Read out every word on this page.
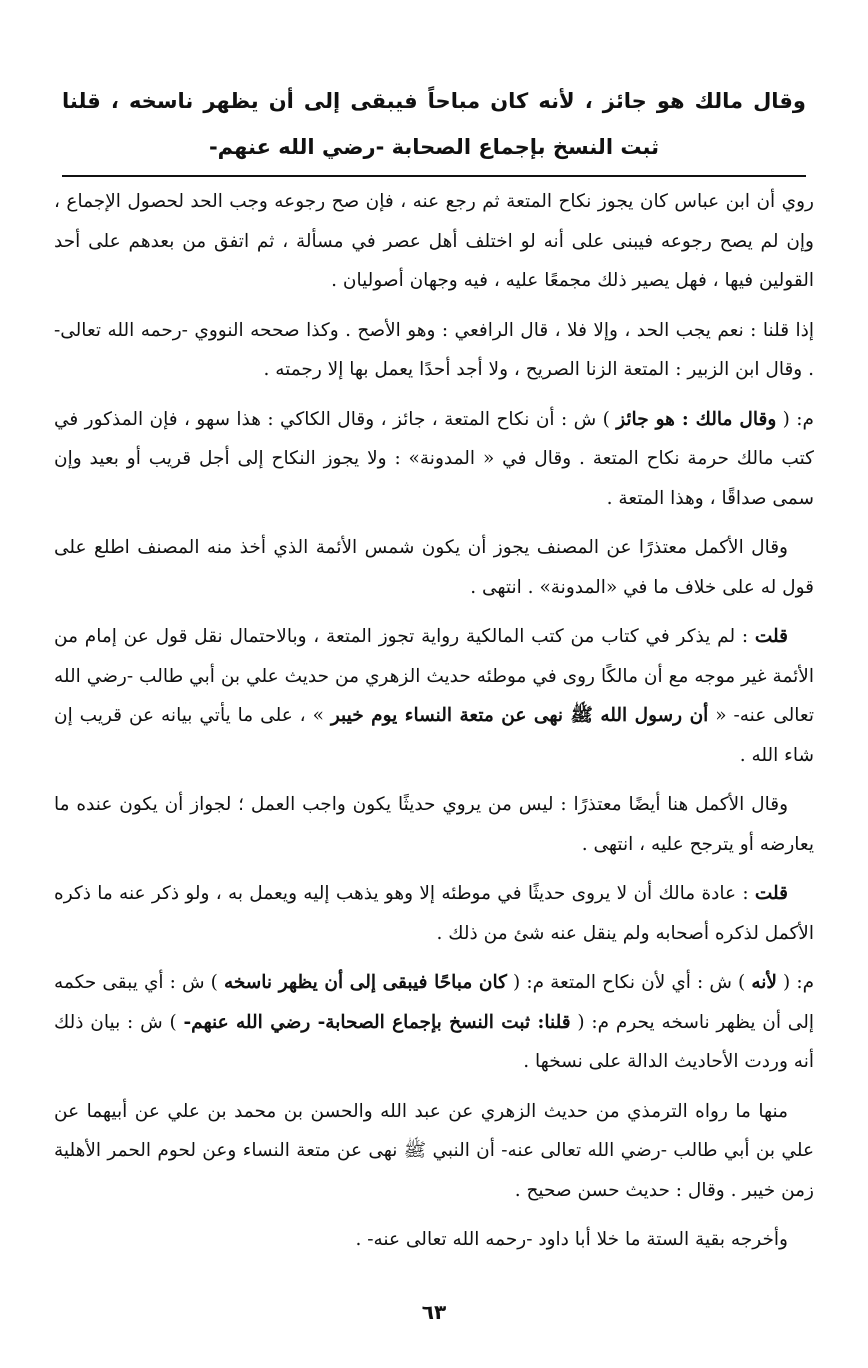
وقال مالك هو جائز ، لأنه كان مباحاً فيبقى إلى أن يظهر ناسخه ، قلنا ثبت النسخ بإجماع الصحابة -رضي الله عنهم-

روي أن ابن عباس كان يجوز نكاح المتعة ثم رجع عنه ، فإن صح رجوعه وجب الحد لحصول الإجماع ، وإن لم يصح رجوعه فيبنى على أنه لو اختلف أهل عصر في مسألة ، ثم اتفق من بعدهم على أحد القولين فيها ، فهل يصير ذلك مجمعًا عليه ، فيه وجهان أصوليان .

إذا قلنا : نعم يجب الحد ، وإلا فلا ، قال الرافعي : وهو الأصح . وكذا صححه النووي -رحمه الله تعالى- . وقال ابن الزبير : المتعة الزنا الصريح ، ولا أجد أحدًا يعمل بها إلا رجمته .

م: ( وقال مالك : هو جائز ) ش : أن نكاح المتعة ، جائز ، وقال الكاكي : هذا سهو ، فإن المذكور في كتب مالك حرمة نكاح المتعة . وقال في « المدونة» : ولا يجوز النكاح إلى أجل قريب أو بعيد وإن سمى صداقًا ، وهذا المتعة .

وقال الأكمل معتذرًا عن المصنف يجوز أن يكون شمس الأئمة الذي أخذ منه المصنف اطلع على قول له على خلاف ما في «المدونة» . انتهى .

قلت : لم يذكر في كتاب من كتب المالكية رواية تجوز المتعة ، وبالاحتمال نقل قول عن إمام من الأئمة غير موجه مع أن مالكًا روى في موطئه حديث الزهري من حديث علي بن أبي طالب -رضي الله تعالى عنه- « أن رسول الله ﷺ نهى عن متعة النساء يوم خيبر » ، على ما يأتي بيانه عن قريب إن شاء الله .

وقال الأكمل هنا أيضًا معتذرًا : ليس من يروي حديثًا يكون واجب العمل ؛ لجواز أن يكون عنده ما يعارضه أو يترجح عليه ، انتهى .

قلت : عادة مالك أن لا يروى حديثًا في موطئه إلا وهو يذهب إليه ويعمل به ، ولو ذكر عنه ما ذكره الأكمل لذكره أصحابه ولم ينقل عنه شئ من ذلك .

م: ( لأنه ) ش : أي لأن نكاح المتعة م: ( كان مباحًا فيبقى إلى أن يظهر ناسخه ) ش : أي يبقى حكمه إلى أن يظهر ناسخه يحرم م: ( قلنا: ثبت النسخ بإجماع الصحابة- رضي الله عنهم- ) ش : بيان ذلك أنه وردت الأحاديث الدالة على نسخها .

منها ما رواه الترمذي من حديث الزهري عن عبد الله والحسن بن محمد بن علي عن أبيهما عن علي بن أبي طالب -رضي الله تعالى عنه- أن النبي ﷺ نهى عن متعة النساء وعن لحوم الحمر الأهلية زمن خيبر . وقال : حديث حسن صحيح .

وأخرجه بقية الستة ما خلا أبا داود -رحمه الله تعالى عنه- .

٦٣
